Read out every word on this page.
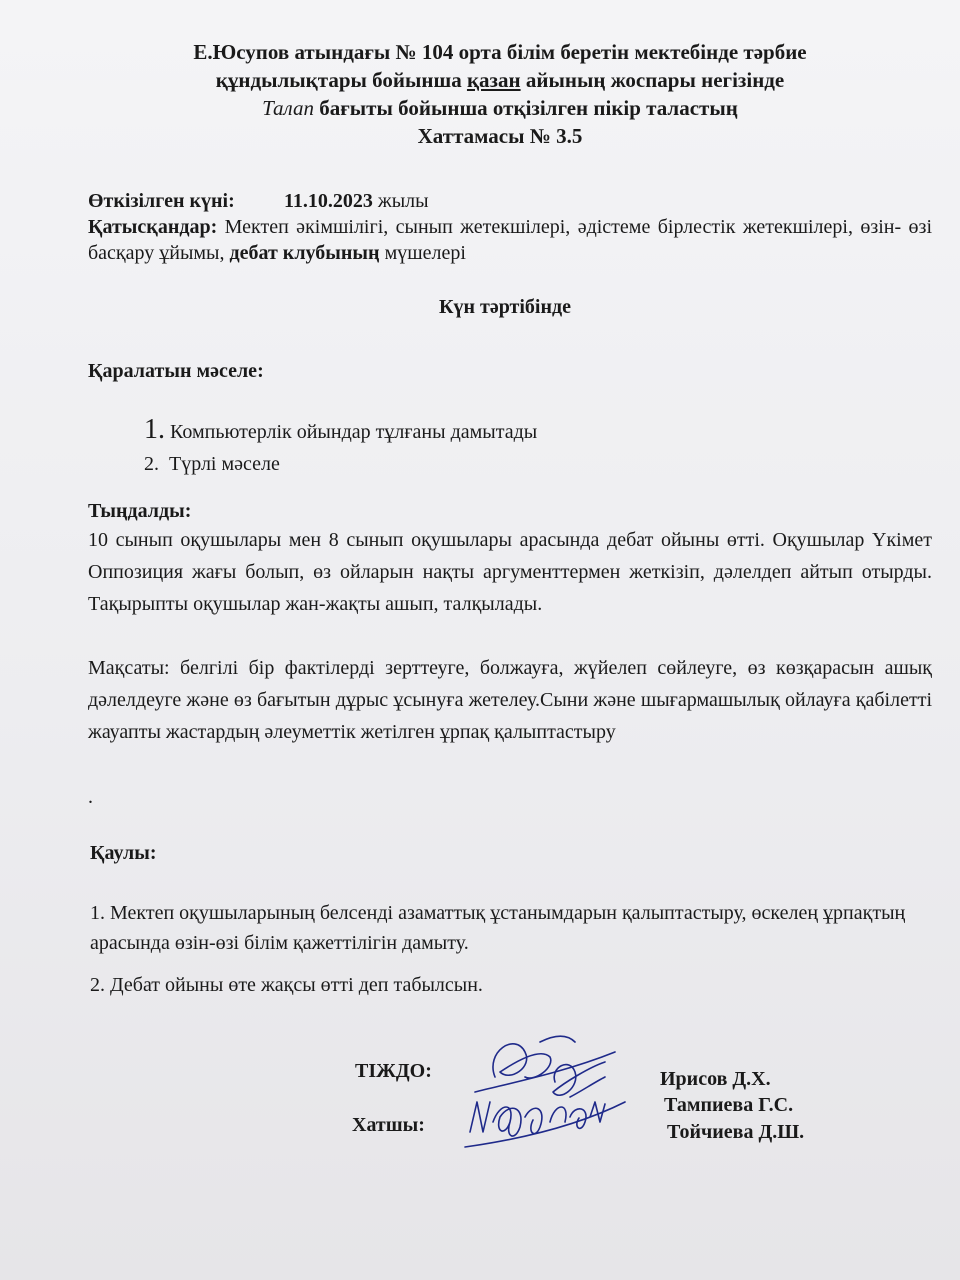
Е.Юсупов атындағы № 104 орта білім беретін мектебінде тәрбие
құндылықтары бойынша қазан айының жоспары негізінде
Талап бағыты бойынша отқізілген пікір таластың
Хаттамасы № 3.5
Өткізілген күні: 11.10.2023 жылы
Қатысқандар: Мектеп әкімшілігі, сынып жетекшілері, әдістеме бірлестік жетекшілері, өзін- өзі басқару ұйымы, дебат клубының мүшелері
Күн тәртібінде
Қаралатын мәселе:
1. Компьютерлік ойындар тұлғаны дамытады
2. Түрлі мәселе
Тыңдалды:
10 сынып оқушылары мен 8 сынып оқушылары арасында дебат ойыны өтті. Оқушылар Үкімет Оппозиция жағы болып, өз ойларын нақты аргументтермен жеткізіп, дәлелдеп айтып отырды. Тақырыпты оқушылар жан-жақты ашып, талқылады.
Мақсаты: белгілі бір фактілерді зерттеуге, болжауға, жүйелеп сөйлеуге, өз көзқарасын ашық дәлелдеуге және өз бағытын дұрыс ұсынуға жетелеу.Сыни және шығармашылық ойлауға қабілетті жауапты жастардың әлеуметтік жетілген ұрпақ қалыптастыру
.
Қаулы:

1. Мектеп оқушыларының белсенді азаматтық ұстанымдарын қалыптастыру, өскелең ұрпақтың арасында өзін-өзі білім қажеттілігін дамыту.

2. Дебат ойыны өте жақсы өтті деп табылсын.

ТІЖДО:
Хатшы:
Ирисов Д.Х.
Тампиева Г.С.
Тойчиева Д.Ш.
